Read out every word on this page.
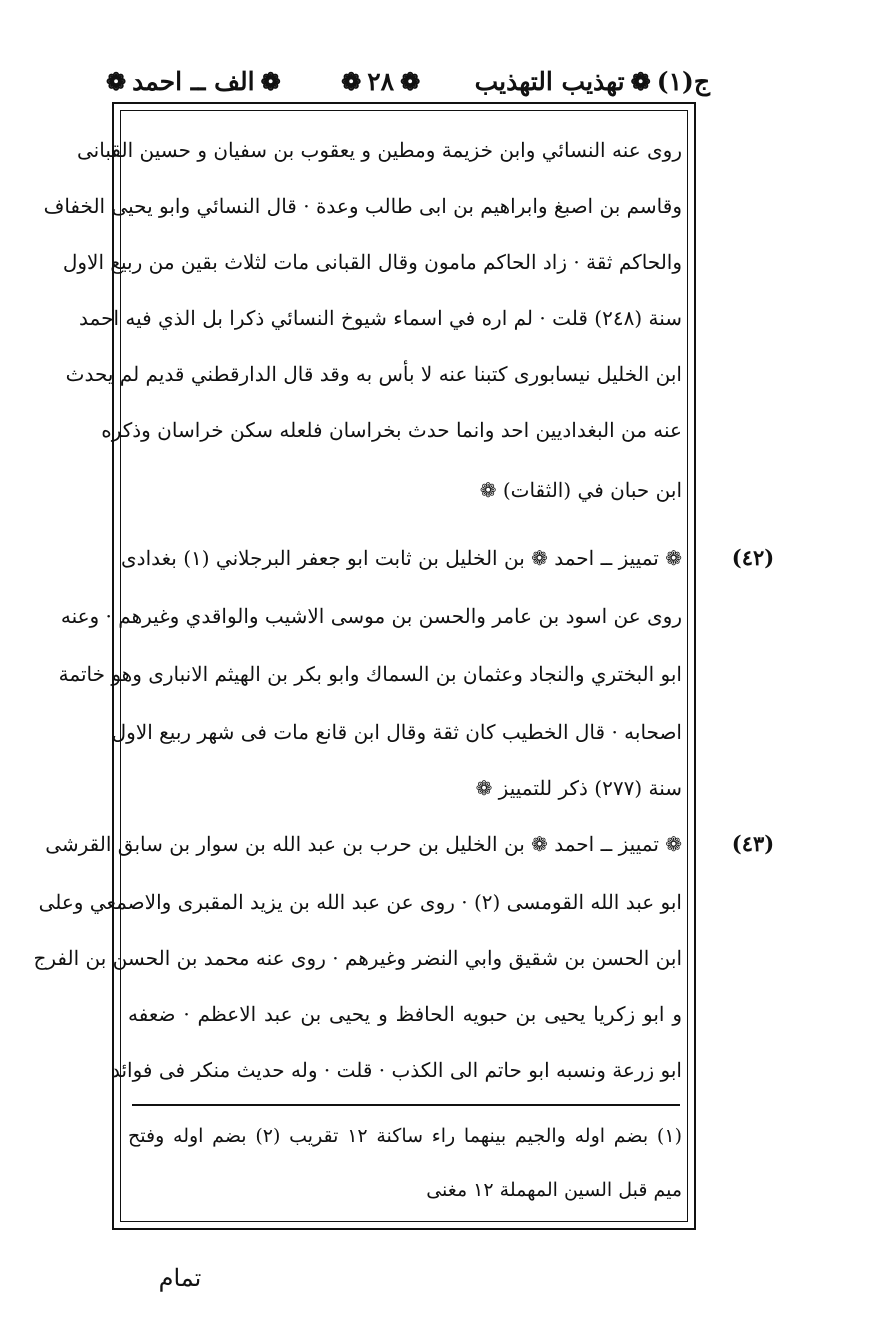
ج(١)
❁
تهذیب التهذیب
❁
٢٨
❁
❁
الف ــ احمد
❁
روی عنه النسائي وابن خزيمة ومطين و يعقوب بن سفيان و حسين القبانی
وقاسم بن اصبغ وابراهيم بن ابی طالب وعدة · قال النسائي وابو يحيى الخفاف
والحاكم ثقة · زاد الحاكم مامون وقال القبانی مات لثلاث بقين من ربيع الاول
سنة (٢٤٨) قلت · لم اره في اسماء شيوخ النسائي ذكرا بل الذي فيه احمد
ابن الخليل نيسابوری كتبنا عنه لا بأس به وقد قال الدارقطني قديم لم يحدث
عنه من البغداديين احد وانما حدث بخراسان فلعله سكن خراسان وذكره
ابن حبان في (الثقات) ❁
❁ تمييز ــ احمد ❁ بن الخليل بن ثابت ابو جعفر البرجلاني (١) بغدادی
روی عن اسود بن عامر والحسن بن موسى الاشيب والواقدي وغيرهم · وعنه
ابو البختري والنجاد وعثمان بن السماك وابو بكر بن الهيثم الانباری وهو خاتمة
اصحابه · قال الخطيب كان ثقة وقال ابن قانع مات فی شهر ربيع الاول
سنة (٢٧٧) ذكر للتمييز ❁
❁ تمييز ــ احمد ❁ بن الخليل بن حرب بن عبد الله بن سوار بن سابق القرشی
ابو عبد الله القومسی (٢) · روی عن عبد الله بن يزيد المقبری والاصمعي وعلی
ابن الحسن بن شقيق وابي النضر وغيرهم · روی عنه محمد بن الحسن بن الفرج
و ابو زكريا يحيى بن حبويه الحافظ و يحيى بن عبد الاعظم · ضعفه
ابو زرعة ونسبه ابو حاتم الى الكذب · قلت · وله حديث منكر فی فوائد
(٤٢)
(٤٣)
(١) بضم اوله والجيم بينهما راء ساكنة ١٢ تقريب (٢) بضم اوله وفتح
ميم قبل السين المهملة ١٢ مغنی
تمام
